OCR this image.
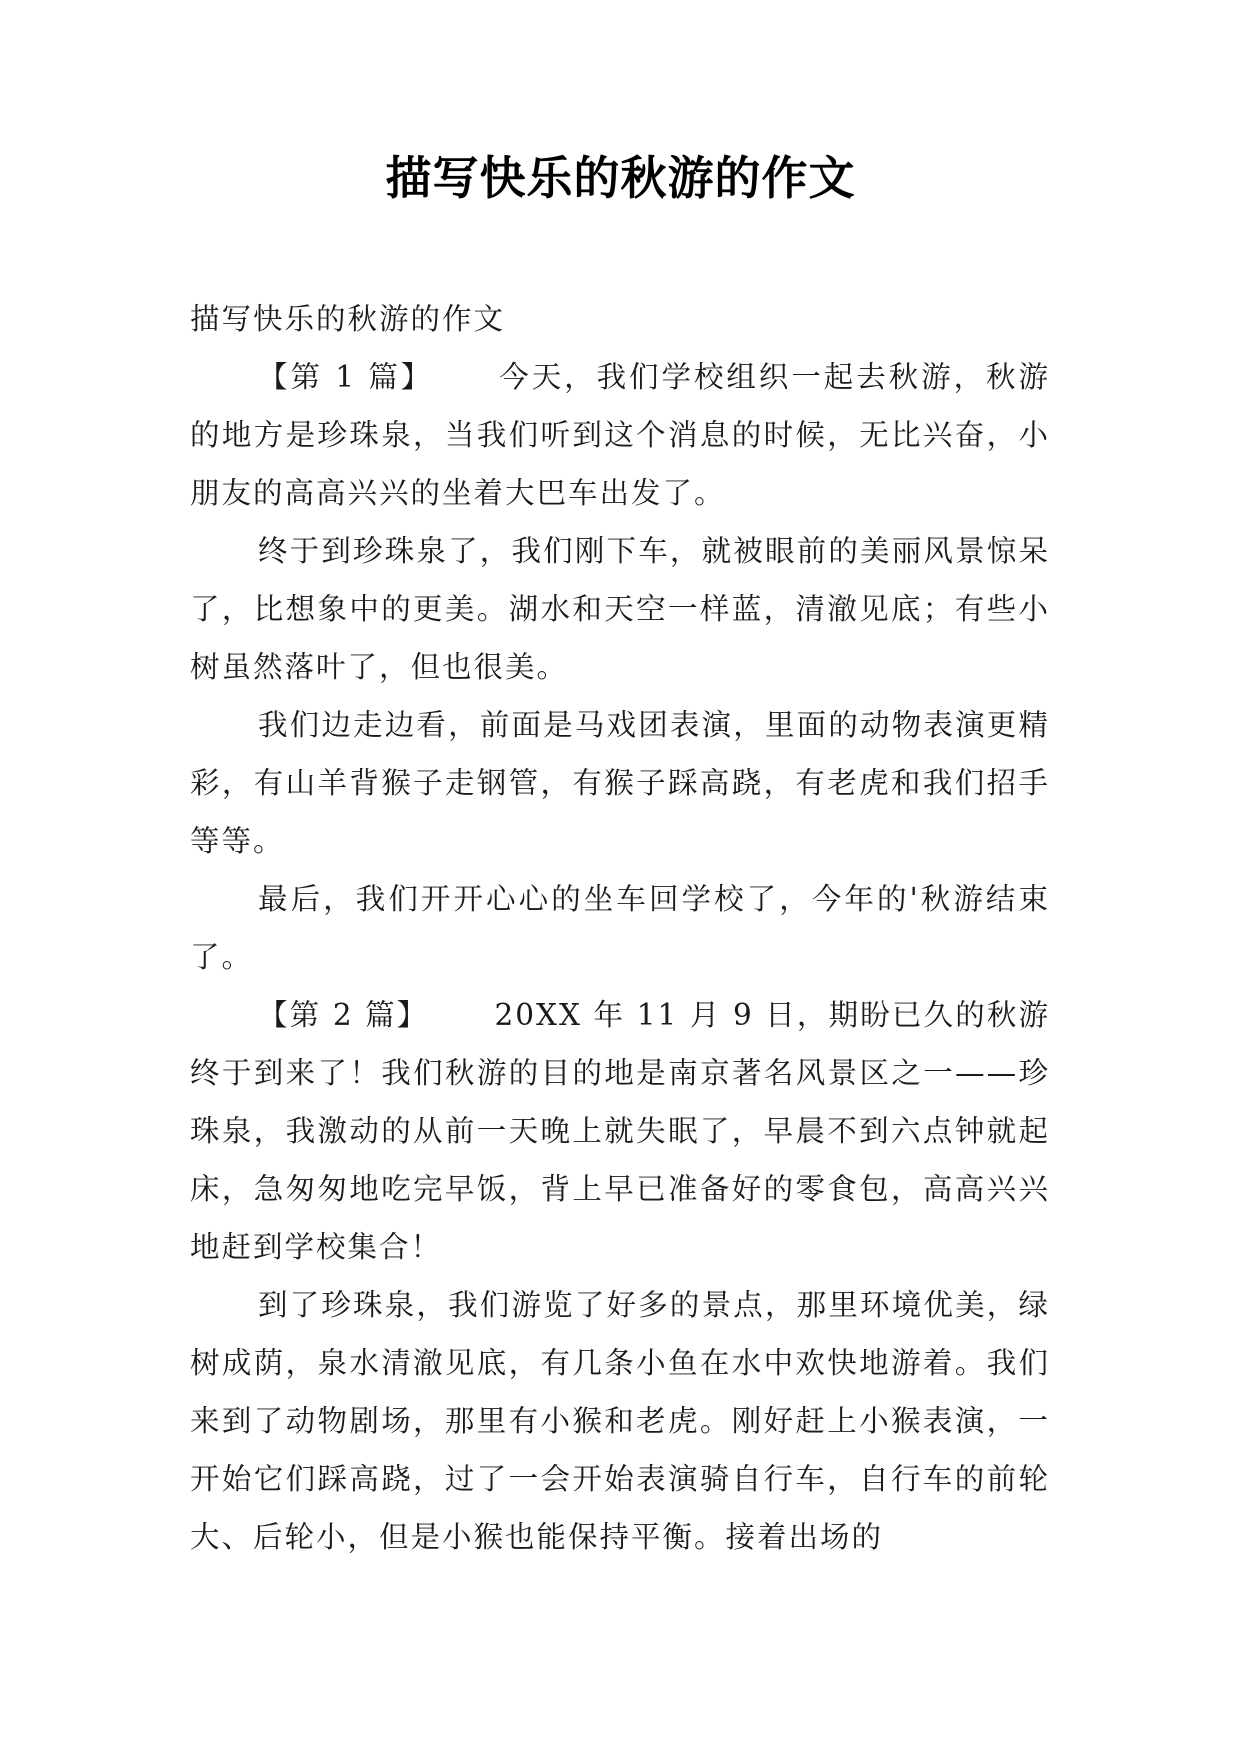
描写快乐的秋游的作文

描写快乐的秋游的作文

【第 1 篇】 今天，我们学校组织一起去秋游，秋游的地方是珍珠泉，当我们听到这个消息的时候，无比兴奋，小朋友的高高兴兴的坐着大巴车出发了。

终于到珍珠泉了，我们刚下车，就被眼前的美丽风景惊呆了，比想象中的更美。湖水和天空一样蓝，清澈见底；有些小树虽然落叶了，但也很美。

我们边走边看，前面是马戏团表演，里面的动物表演更精彩，有山羊背猴子走钢管，有猴子踩高跷，有老虎和我们招手等等。

最后，我们开开心心的坐车回学校了，今年的'秋游结束了。

【第 2 篇】 20XX 年 11 月 9 日，期盼已久的秋游终于到来了！我们秋游的目的地是南京著名风景区之一——珍珠泉，我激动的从前一天晚上就失眠了，早晨不到六点钟就起床，急匆匆地吃完早饭，背上早已准备好的零食包，高高兴兴地赶到学校集合！

到了珍珠泉，我们游览了好多的景点，那里环境优美，绿树成荫，泉水清澈见底，有几条小鱼在水中欢快地游着。我们来到了动物剧场，那里有小猴和老虎。刚好赶上小猴表演，一开始它们踩高跷，过了一会开始表演骑自行车，自行车的前轮大、后轮小，但是小猴也能保持平衡。接着出场的
